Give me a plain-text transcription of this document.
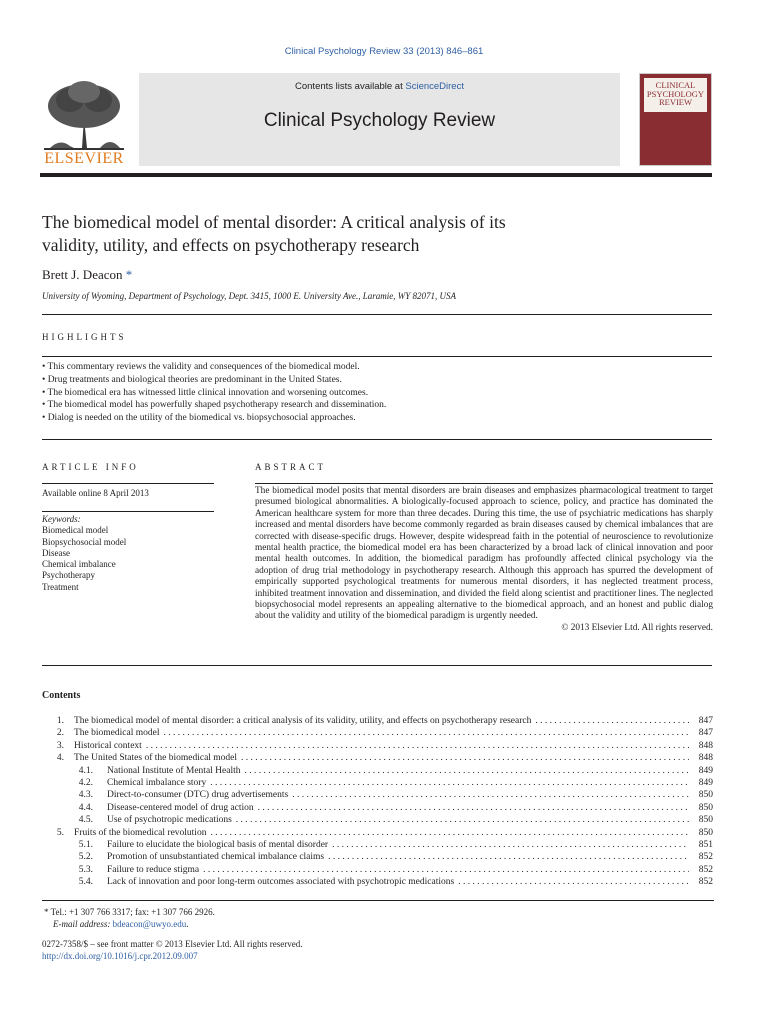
Clinical Psychology Review 33 (2013) 846–861
ELSEVIER
Contents lists available at ScienceDirect
Clinical Psychology Review
CLINICAL
PSYCHOLOGY
REVIEW
The biomedical model of mental disorder: A critical analysis of its
validity, utility, and effects on psychotherapy research
Brett J. Deacon *
University of Wyoming, Department of Psychology, Dept. 3415, 1000 E. University Ave., Laramie, WY 82071, USA
HIGHLIGHTS
• This commentary reviews the validity and consequences of the biomedical model.
• Drug treatments and biological theories are predominant in the United States.
• The biomedical era has witnessed little clinical innovation and worsening outcomes.
• The biomedical model has powerfully shaped psychotherapy research and dissemination.
• Dialog is needed on the utility of the biomedical vs. biopsychosocial approaches.
ARTICLE INFO
Available online 8 April 2013
Keywords:
Biomedical model
Biopsychosocial model
Disease
Chemical imbalance
Psychotherapy
Treatment
ABSTRACT
The biomedical model posits that mental disorders are brain diseases and emphasizes pharmacological treatment to target presumed biological abnormalities. A biologically-focused approach to science, policy, and practice has dominated the American healthcare system for more than three decades. During this time, the use of psychiatric medications has sharply increased and mental disorders have become commonly regarded as brain diseases caused by chemical imbalances that are corrected with disease-specific drugs. However, despite widespread faith in the potential of neuroscience to revolutionize mental health practice, the biomedical model era has been characterized by a broad lack of clinical innovation and poor mental health outcomes. In addition, the biomedical paradigm has profoundly affected clinical psychology via the adoption of drug trial methodology in psychotherapy research. Although this approach has spurred the development of empirically supported psychological treatments for numerous mental disorders, it has neglected treatment process, inhibited treatment innovation and dissemination, and divided the field along scientist and practitioner lines. The neglected biopsychosocial model represents an appealing alternative to the biomedical approach, and an honest and public dialog about the validity and utility of the biomedical paradigm is urgently needed.
© 2013 Elsevier Ltd. All rights reserved.
Contents
1. The biomedical model of mental disorder: a critical analysis of its validity, utility, and effects on psychotherapy research . . .	847
2. The biomedical model . . .	847
3. Historical context . . .	848
4. The United States of the biomedical model . . .	848
4.1. National Institute of Mental Health . . .	849
4.2. Chemical imbalance story . . .	849
4.3. Direct-to-consumer (DTC) drug advertisements . . .	850
4.4. Disease-centered model of drug action . . .	850
4.5. Use of psychotropic medications . . .	850
5. Fruits of the biomedical revolution . . .	850
5.1. Failure to elucidate the biological basis of mental disorder . . .	851
5.2. Promotion of unsubstantiated chemical imbalance claims . . .	852
5.3. Failure to reduce stigma . . .	852
5.4. Lack of innovation and poor long-term outcomes associated with psychotropic medications . . .	852
* Tel.: +1 307 766 3317; fax: +1 307 766 2926.
E-mail address: bdeacon@uwyo.edu.
0272-7358/$ – see front matter © 2013 Elsevier Ltd. All rights reserved.
http://dx.doi.org/10.1016/j.cpr.2012.09.007
